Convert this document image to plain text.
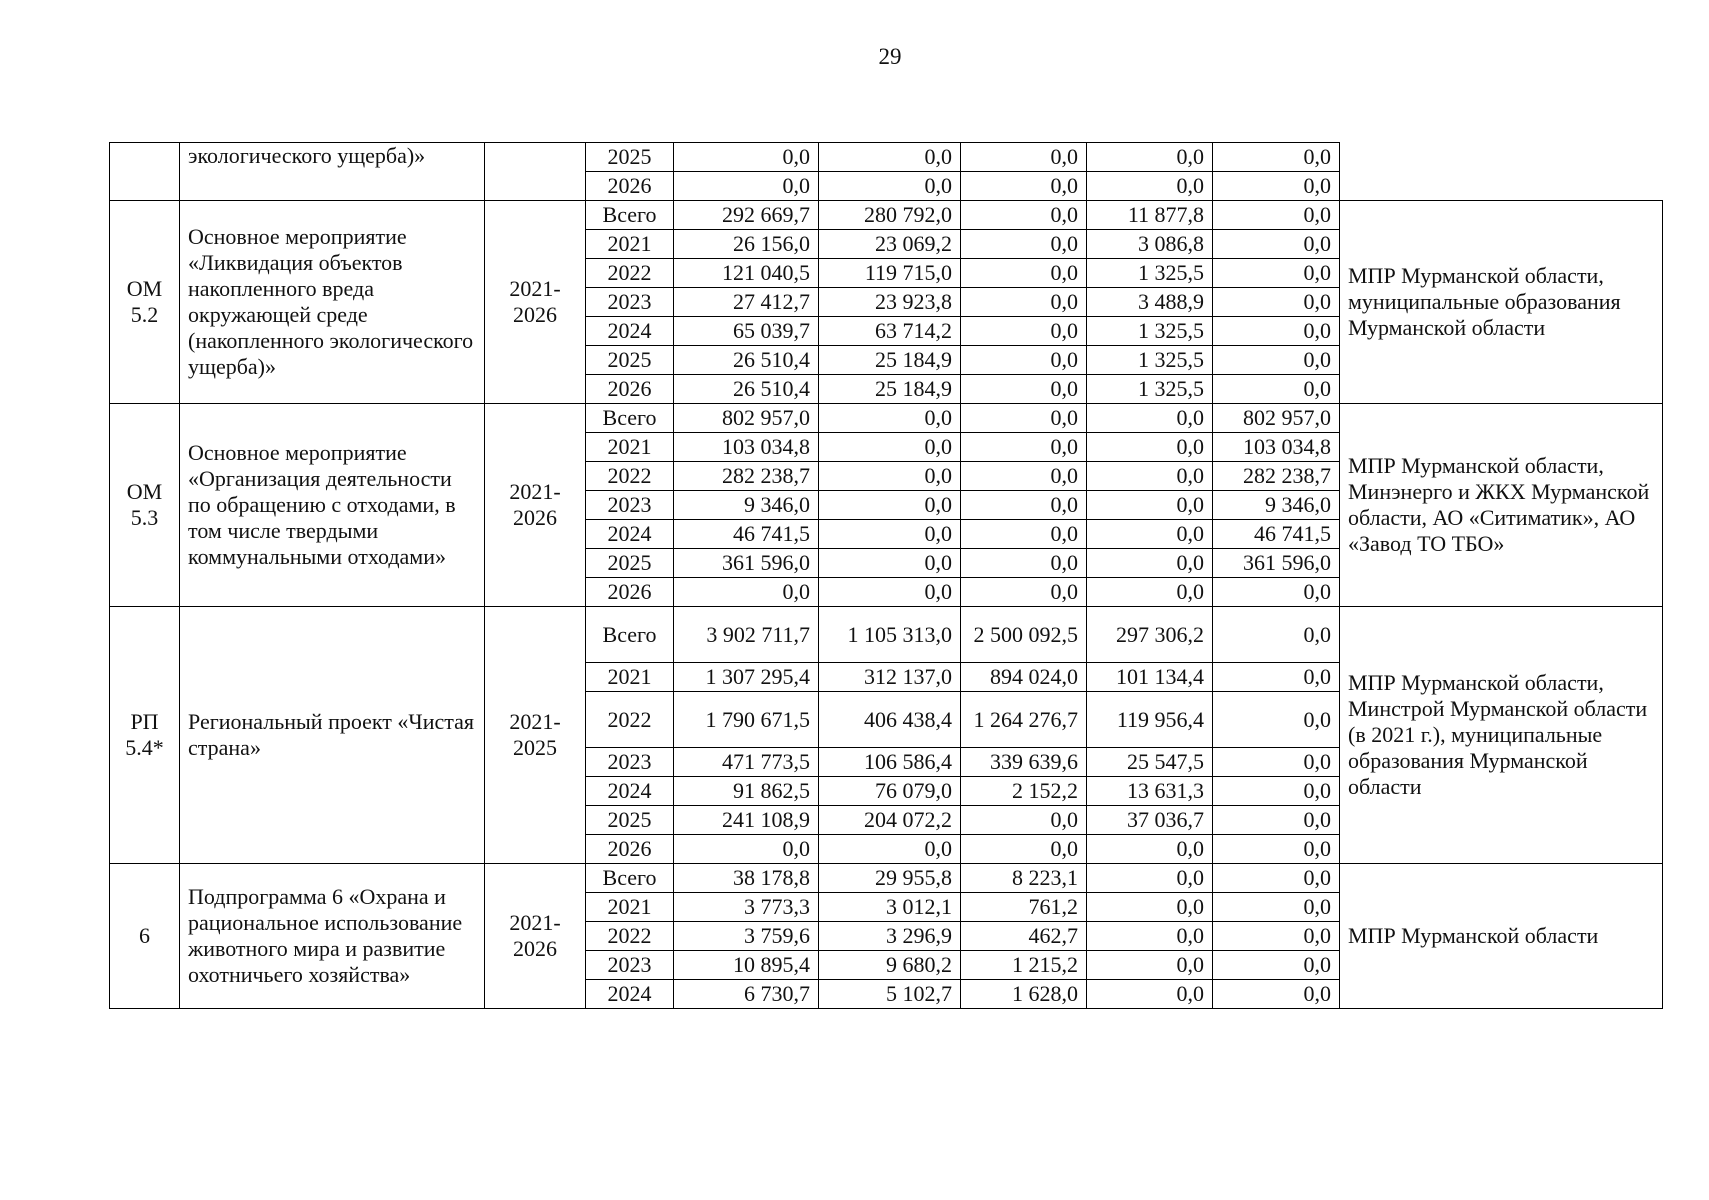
29
	экологического ущерба)»		2025	0,0	0,0	0,0	0,0	0,0	
			2026	0,0	0,0	0,0	0,0	0,0	
ОМ 5.2	Основное мероприятие «Ликвидация объектов накопленного вреда окружающей среде (накопленного экологического ущерба)»	2021-2026	Всего	292 669,7	280 792,0	0,0	11 877,8	0,0	МПР Мурманской области, муниципальные образования Мурманской области
			2021	26 156,0	23 069,2	0,0	3 086,8	0,0	
			2022	121 040,5	119 715,0	0,0	1 325,5	0,0	
			2023	27 412,7	23 923,8	0,0	3 488,9	0,0	
			2024	65 039,7	63 714,2	0,0	1 325,5	0,0	
			2025	26 510,4	25 184,9	0,0	1 325,5	0,0	
			2026	26 510,4	25 184,9	0,0	1 325,5	0,0	
ОМ 5.3	Основное мероприятие «Организация деятельности по обращению с отходами, в том числе твердыми коммунальными отходами»	2021-2026	Всего	802 957,0	0,0	0,0	0,0	802 957,0	МПР Мурманской области, Минэнерго и ЖКХ Мурманской области, АО «Ситиматик», АО «Завод ТО ТБО»
			2021	103 034,8	0,0	0,0	0,0	103 034,8	
			2022	282 238,7	0,0	0,0	0,0	282 238,7	
			2023	9 346,0	0,0	0,0	0,0	9 346,0	
			2024	46 741,5	0,0	0,0	0,0	46 741,5	
			2025	361 596,0	0,0	0,0	0,0	361 596,0	
			2026	0,0	0,0	0,0	0,0	0,0	
РП 5.4*	Региональный проект «Чистая страна»	2021-2025	Всего	3 902 711,7	1 105 313,0	2 500 092,5	297 306,2	0,0	МПР Мурманской области, Минстрой Мурманской области (в 2021 г.), муниципальные образования Мурманской области
			2021	1 307 295,4	312 137,0	894 024,0	101 134,4	0,0	
			2022	1 790 671,5	406 438,4	1 264 276,7	119 956,4	0,0	
			2023	471 773,5	106 586,4	339 639,6	25 547,5	0,0	
			2024	91 862,5	76 079,0	2 152,2	13 631,3	0,0	
			2025	241 108,9	204 072,2	0,0	37 036,7	0,0	
			2026	0,0	0,0	0,0	0,0	0,0	
6	Подпрограмма 6 «Охрана и рациональное использование животного мира и развитие охотничьего хозяйства»	2021-2026	Всего	38 178,8	29 955,8	8 223,1	0,0	0,0	МПР Мурманской области
			2021	3 773,3	3 012,1	761,2	0,0	0,0	
			2022	3 759,6	3 296,9	462,7	0,0	0,0	
			2023	10 895,4	9 680,2	1 215,2	0,0	0,0	
			2024	6 730,7	5 102,7	1 628,0	0,0	0,0	
